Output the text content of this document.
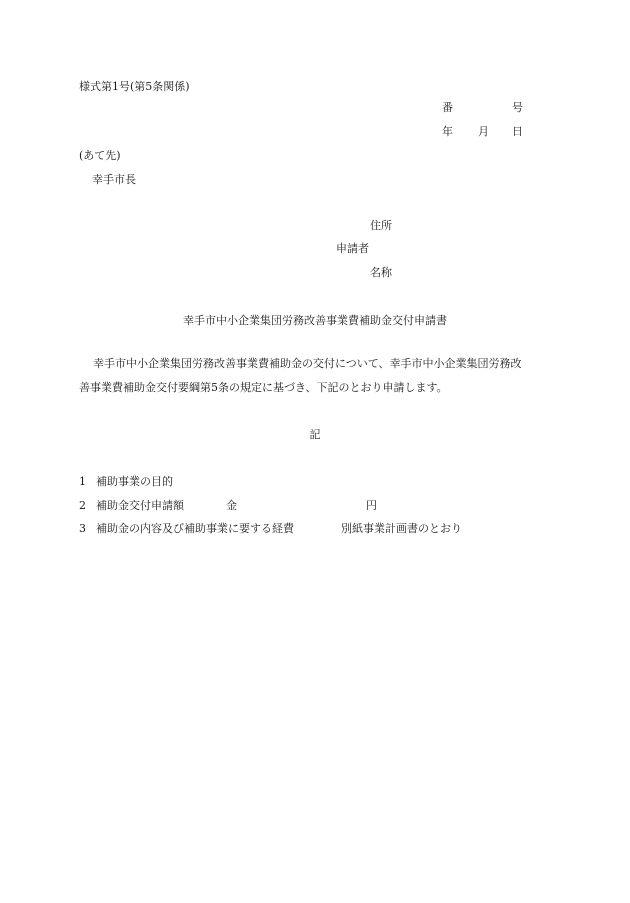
様式第1号(第5条関係)
番	号
年 月 日
(あて先)
幸手市長
住所
申請者
名称
幸手市中小企業集団労務改善事業費補助金交付申請書
幸手市中小企業集団労務改善事業費補助金の交付について、幸手市中小企業集団労務改
善事業費補助金交付要綱第5条の規定に基づき、下記のとおり申請します。
記
1 補助事業の目的
2 補助金交付申請額
3 補助金の内容及び補助事業に要する経費
金	円
別紙事業計画書のとおり
